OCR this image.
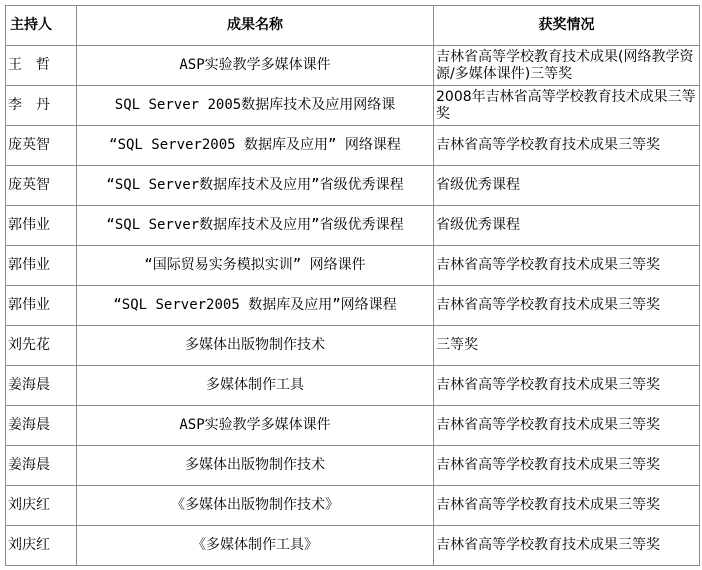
主持人	成果名称	获奖情况
王　哲	ASP实验教学多媒体课件	吉林省高等学校教育技术成果(网络教学资源/多媒体课件)三等奖
李　丹	SQL Server 2005数据库技术及应用网络课	2008年吉林省高等学校教育技术成果三等奖
庞英智	“SQL Server2005 数据库及应用” 网络课程	吉林省高等学校教育技术成果三等奖
庞英智	“SQL Server数据库技术及应用”省级优秀课程	省级优秀课程
郭伟业	“SQL Server数据库技术及应用”省级优秀课程	省级优秀课程
郭伟业	“国际贸易实务模拟实训” 网络课件	吉林省高等学校教育技术成果三等奖
郭伟业	“SQL Server2005 数据库及应用”网络课程	吉林省高等学校教育技术成果三等奖
刘先花	多媒体出版物制作技术	三等奖
姜海晨	多媒体制作工具	吉林省高等学校教育技术成果三等奖
姜海晨	ASP实验教学多媒体课件	吉林省高等学校教育技术成果三等奖
姜海晨	多媒体出版物制作技术	吉林省高等学校教育技术成果三等奖
刘庆红	《多媒体出版物制作技术》	吉林省高等学校教育技术成果三等奖
刘庆红	《多媒体制作工具》	吉林省高等学校教育技术成果三等奖
